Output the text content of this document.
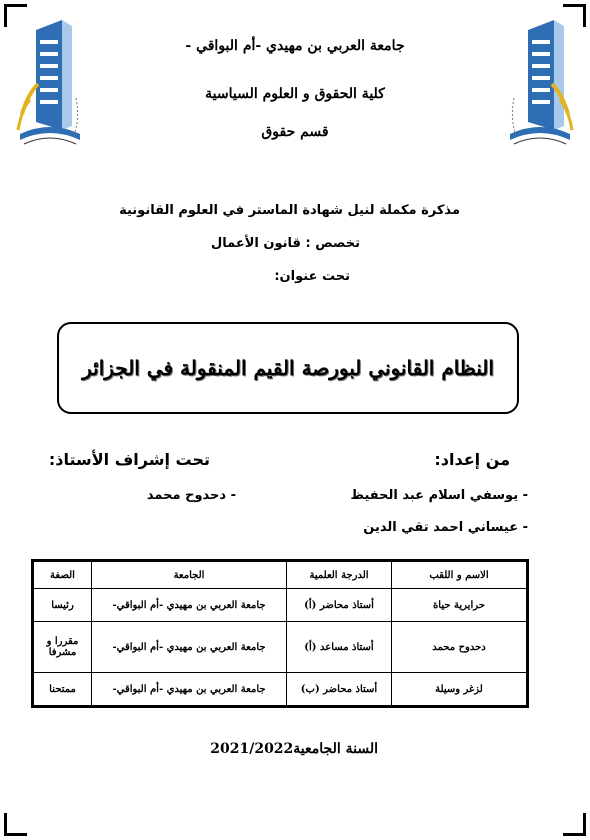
جامعة العربي بن مهيدي -أم البواقي -
كلية الحقوق و العلوم السياسية
قسم حقوق
مذكرة مكملة لنيل شهادة الماستر في العلوم القانونية
تخصص : قانون الأعمال
تحت عنوان:
النظام القانوني لبورصة القيم المنقولة في الجزائر
من إعداد:
تحت إشراف الأستاذ:
- يوسفي اسلام عبد الحفيظ
- عيساني احمد تقي الدين
- دحدوح محمد
الاسم و اللقب	الدرجة العلمية	الجامعة	الصفة
حرايرية حياة	أستاذ محاضر (أ)	جامعة العربي بن مهيدي -أم البواقي-	رئيسا
دحدوح محمد	أستاذ مساعد (أ)	جامعة العربي بن مهيدي -أم البواقي-	مقررا و مشرفا
لزغر وسيلة	أستاذ محاضر (ب)	جامعة العربي بن مهيدي -أم البواقي-	ممتحنا
السنة الجامعية2021/2022
